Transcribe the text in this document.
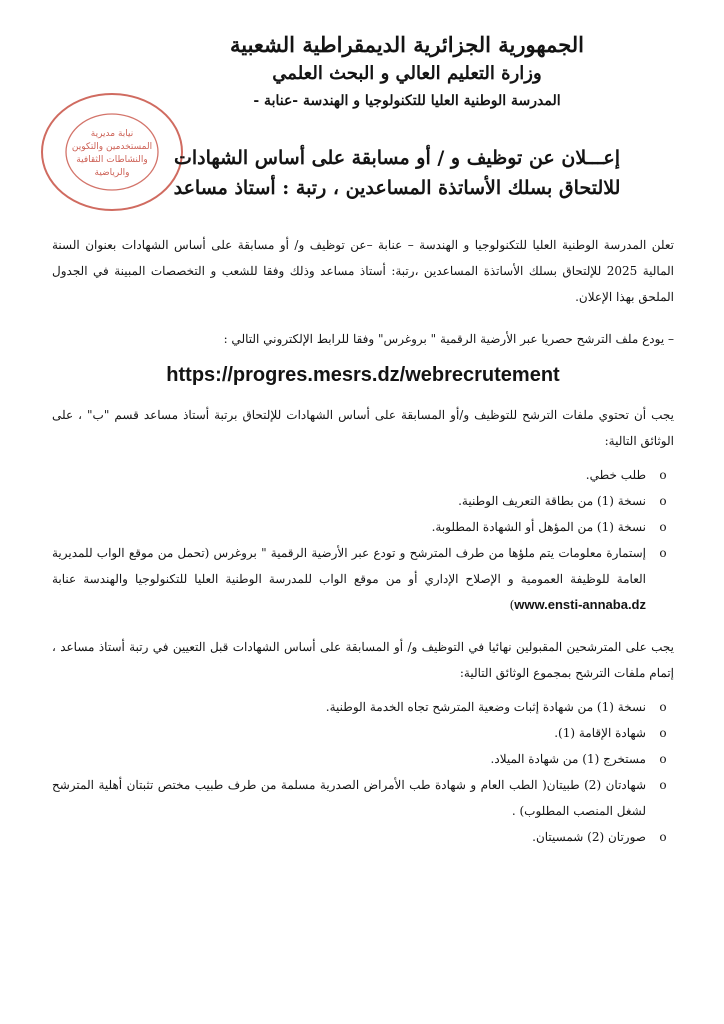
نيابة مديرية
المستخدمين والتكوين
والنشاطات الثقافية
والرياضية
الجمهورية الجزائرية الديمقراطية الشعبية
وزارة التعليم العالي و البحث العلمي
المدرسة الوطنية العليا للتكنولوجيا و الهندسة -عنابة -
إعـــلان عن توظيف و / أو مسابقة على أساس الشهادات
للالتحاق بسلك الأساتذة المساعدين ، رتبة : أستاذ مساعد

تعلن المدرسة الوطنية العليا للتكنولوجيا و الهندسة – عنابة –عن توظيف و/ أو مسابقة على أساس الشهادات بعنوان السنة المالية 2025 للإلتحاق بسلك الأساتذة المساعدين ،رتبة: أستاذ مساعد وذلك وفقا للشعب و التخصصات المبينة في الجدول الملحق بهذا الإعلان.

– يودع ملف الترشح حصريا عبر الأرضية الرقمية " بروغرس" وفقا للرابط الإلكتروني التالي :

https://progres.mesrs.dz/webrecrutement

يجب أن تحتوي ملفات الترشح للتوظيف و/أو المسابقة على أساس الشهادات للإلتحاق برتبة أستاذ مساعد قسم "ب" ، على الوثائق التالية:

o
طلب خطي.
o
نسخة (1) من بطاقة التعريف الوطنية.
o
نسخة (1) من المؤهل أو الشهادة المطلوبة.
o
إستمارة معلومات يتم ملؤها من طرف المترشح و تودع عبر الأرضية الرقمية " بروغرس (تحمل من موقع الواب للمديرية العامة للوظيفة العمومية و الإصلاح الإداري أو من موقع الواب للمدرسة الوطنية العليا للتكنولوجيا والهندسة عنابة www.ensti-annaba.dz)

يجب على المترشحين المقبولين نهائيا في التوظيف و/ أو المسابقة على أساس الشهادات قبل التعيين في رتبة أستاذ مساعد ، إتمام ملفات الترشح بمجموع الوثائق التالية:

o
نسخة (1) من شهادة إثبات وضعية المترشح تجاه الخدمة الوطنية.
o
شهادة الإقامة (1).
o
مستخرج (1) من شهادة الميلاد.
o
شهادتان (2) طبيتان( الطب العام و شهادة طب الأمراض الصدرية مسلمة من طرف طبيب مختص تثبتان أهلية المترشح لشغل المنصب المطلوب) .
o
صورتان (2) شمسيتان.
